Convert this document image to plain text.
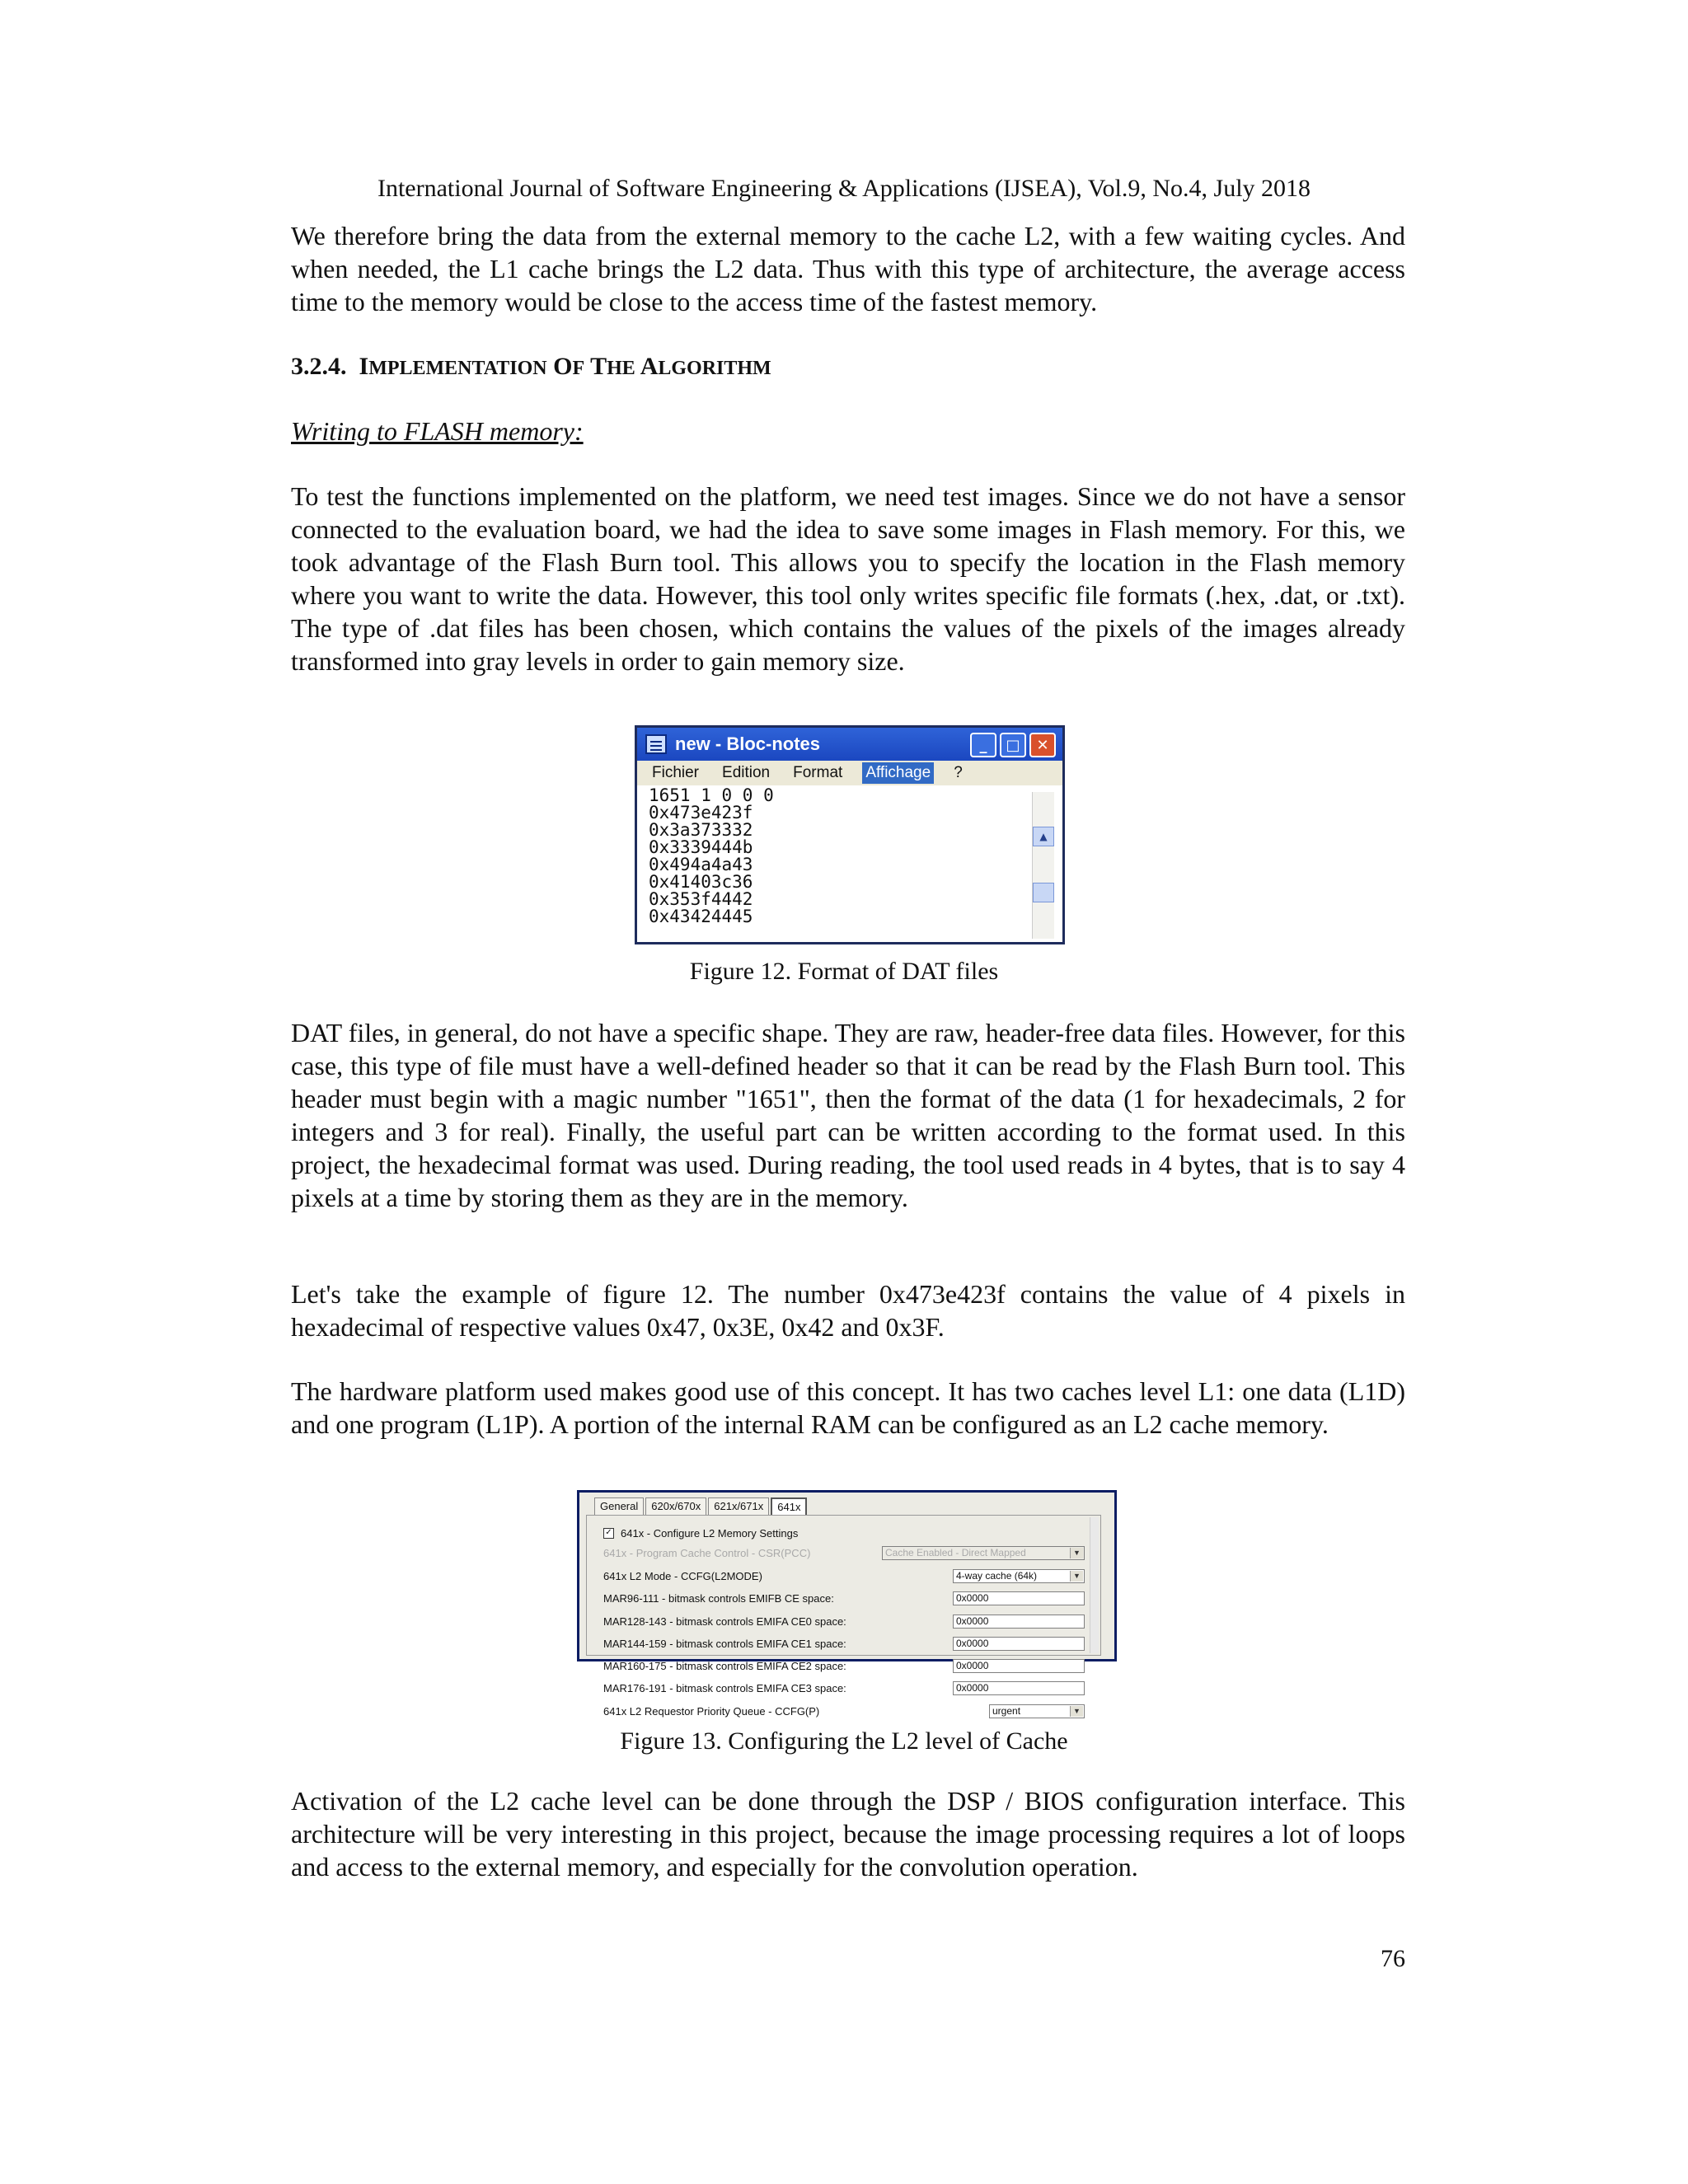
International Journal of Software Engineering & Applications (IJSEA), Vol.9, No.4, July 2018

We therefore bring the data from the external memory to the cache L2, with a few waiting cycles. And when needed, the L1 cache brings the L2 data. Thus with this type of architecture, the average access time to the memory would be close to the access time of the fastest memory.

3.2.4. IMPLEMENTATION OF THE ALGORITHM
Writing to FLASH memory:

To test the functions implemented on the platform, we need test images. Since we do not have a sensor connected to the evaluation board, we had the idea to save some images in Flash memory. For this, we took advantage of the Flash Burn tool. This allows you to specify the location in the Flash memory where you want to write the data. However, this tool only writes specific file formats (.hex, .dat, or .txt). The type of .dat files has been chosen, which contains the values of the pixels of the images already transformed into gray levels in order to gain memory size.

new - Bloc-notes	_	□	✕
Fichier Edition Format Affichage ?
1651 1 0 0 0
0x473e423f
0x3a373332
0x3339444b
0x494a4a43
0x41403c36
0x353f4442
0x43424445

▲

Figure 12. Format of DAT files

DAT files, in general, do not have a specific shape. They are raw, header-free data files. However, for this case, this type of file must have a well-defined header so that it can be read by the Flash Burn tool. This header must begin with a magic number "1651", then the format of the data (1 for hexadecimals, 2 for integers and 3 for real). Finally, the useful part can be written according to the format used. In this project, the hexadecimal format was used. During reading, the tool used reads in 4 bytes, that is to say 4 pixels at a time by storing them as they are in the memory.

Let's take the example of figure 12. The number 0x473e423f contains the value of 4 pixels in hexadecimal of respective values 0x47, 0x3E, 0x42 and 0x3F.

The hardware platform used makes good use of this concept. It has two caches level L1: one data (L1D) and one program (L1P). A portion of the internal RAM can be configured as an L2 cache memory.

General	620x/670x	621x/671x	641x
✓ 641x - Configure L2 Memory Settings
641x - Program Cache Control - CSR(PCC)	Cache Enabled - Direct Mapped	▼
641x L2 Mode - CCFG(L2MODE)	4-way cache (64k)	▼
MAR96-111 - bitmask controls EMIFB CE space:	0x0000
MAR128-143 - bitmask controls EMIFA CE0 space:	0x0000
MAR144-159 - bitmask controls EMIFA CE1 space:	0x0000
MAR160-175 - bitmask controls EMIFA CE2 space:	0x0000
MAR176-191 - bitmask controls EMIFA CE3 space:	0x0000
641x L2 Requestor Priority Queue - CCFG(P)	urgent	▼
Figure 13. Configuring the L2 level of Cache

Activation of the L2 cache level can be done through the DSP / BIOS configuration interface. This architecture will be very interesting in this project, because the image processing requires a lot of loops and access to the external memory, and especially for the convolution operation.

76
